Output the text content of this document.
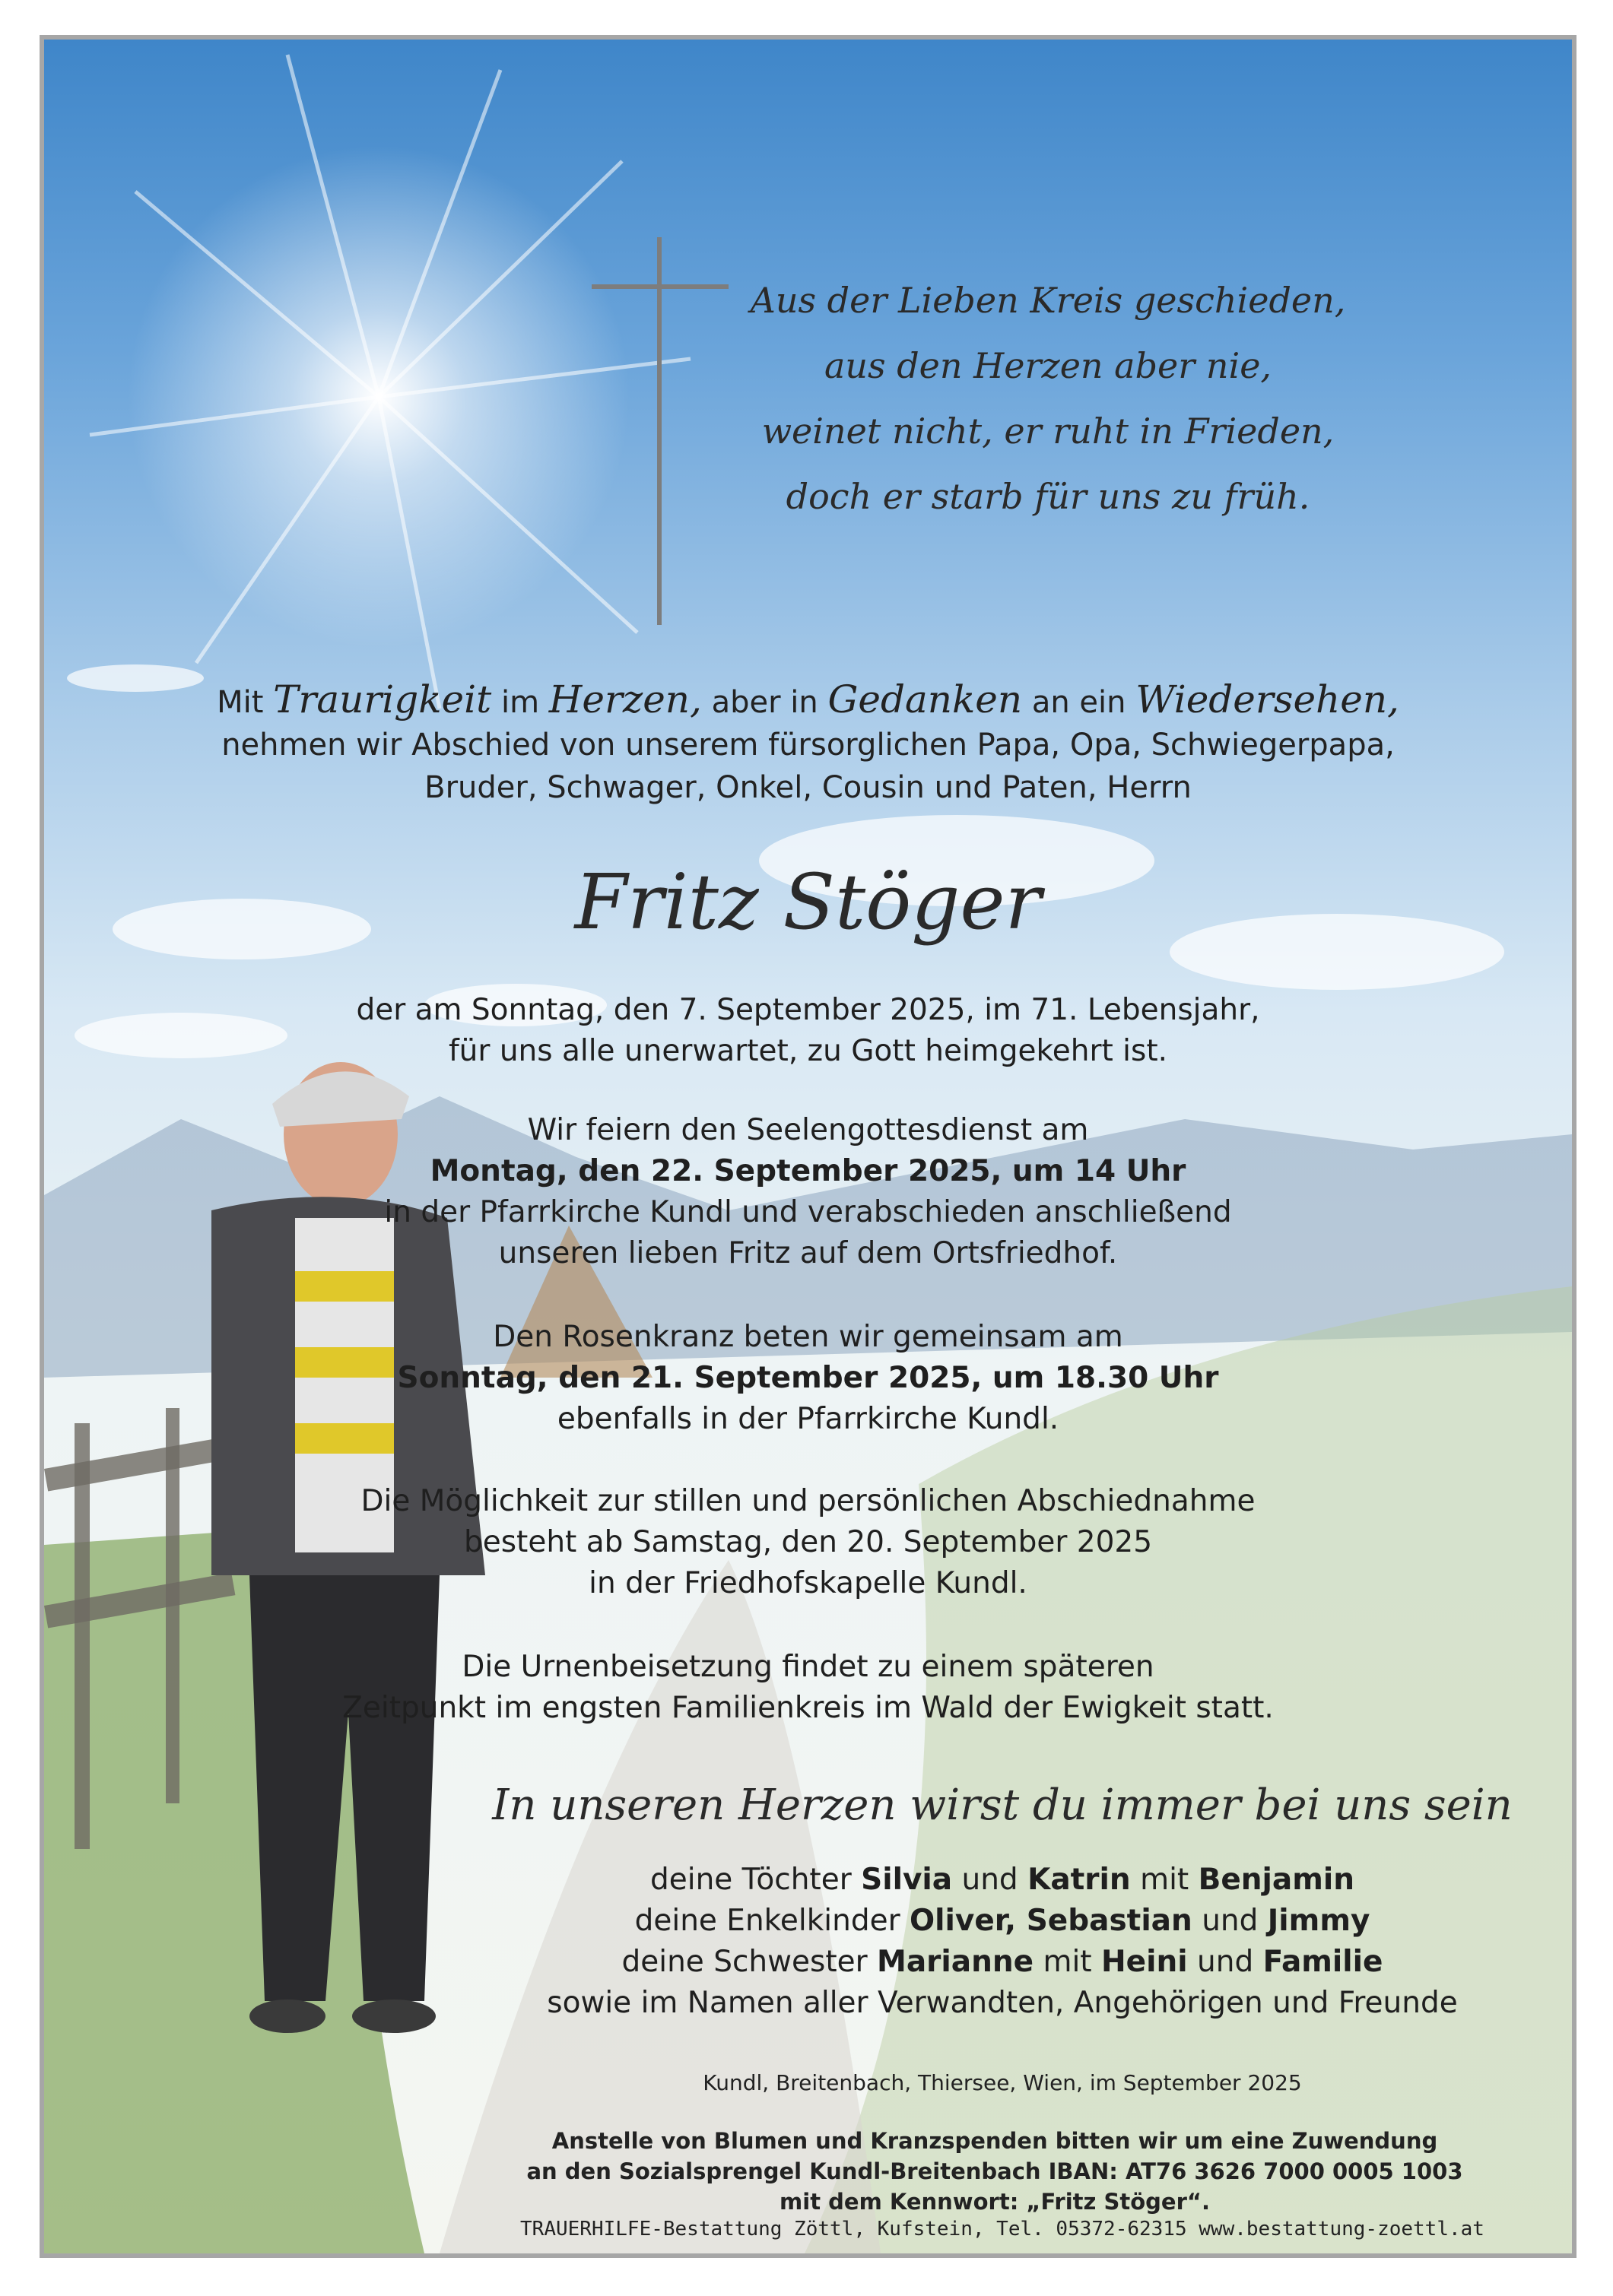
Aus der Lieben Kreis geschieden,
aus den Herzen aber nie,
weinet nicht, er ruht in Frieden,
doch er starb für uns zu früh.
Mit Traurigkeit im Herzen, aber in Gedanken an ein Wiedersehen,
nehmen wir Abschied von unserem fürsorglichen Papa, Opa, Schwiegerpapa,
Bruder, Schwager, Onkel, Cousin und Paten, Herrn
Fritz Stöger
der am Sonntag, den 7. September 2025, im 71. Lebensjahr,
für uns alle unerwartet, zu Gott heimgekehrt ist.
Wir feiern den Seelengottesdienst am
Montag, den 22. September 2025, um 14 Uhr
in der Pfarrkirche Kundl und verabschieden anschließend
unseren lieben Fritz auf dem Ortsfriedhof.
Den Rosenkranz beten wir gemeinsam am
Sonntag, den 21. September 2025, um 18.30 Uhr
ebenfalls in der Pfarrkirche Kundl.
Die Möglichkeit zur stillen und persönlichen Abschiednahme
besteht ab Samstag, den 20. September 2025
in der Friedhofskapelle Kundl.
Die Urnenbeisetzung findet zu einem späteren
Zeitpunkt im engsten Familienkreis im Wald der Ewigkeit statt.
In unseren Herzen wirst du immer bei uns sein
deine Töchter Silvia und Katrin mit Benjamin
deine Enkelkinder Oliver, Sebastian und Jimmy
deine Schwester Marianne mit Heini und Familie
sowie im Namen aller Verwandten, Angehörigen und Freunde
Kundl, Breitenbach, Thiersee, Wien, im September 2025
Anstelle von Blumen und Kranzspenden bitten wir um eine Zuwendung
an den Sozialsprengel Kundl-Breitenbach IBAN: AT76 3626 7000 0005 1003
mit dem Kennwort: „Fritz Stöger“.
TRAUERHILFE-Bestattung Zöttl, Kufstein, Tel. 05372-62315 www.bestattung-zoettl.at
